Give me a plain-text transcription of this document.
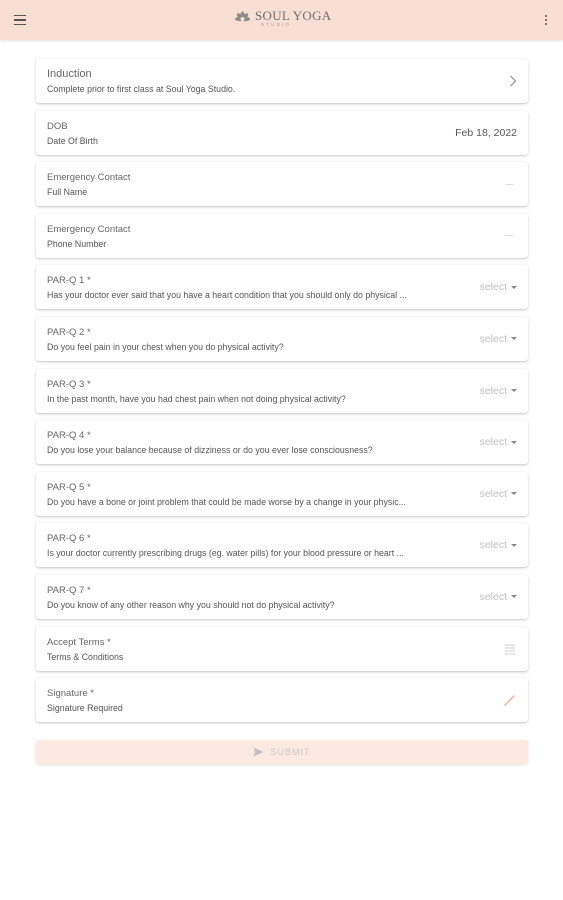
SOUL YOGA
STUDIO
Induction
Complete prior to first class at Soul Yoga Studio.
DOB
Date Of Birth
Feb 18, 2022
Emergency Contact
Full Name
Emergency Contact
Phone Number
PAR-Q 1 *
Has your doctor ever said that you have a heart condition that you should only do physical ...
select
PAR-Q 2 *
Do you feel pain in your chest when you do physical activity?
select
PAR-Q 3 *
In the past month, have you had chest pain when not doing physical activity?
select
PAR-Q 4 *
Do you lose your balance because of dizziness or do you ever lose consciousness?
select
PAR-Q 5 *
Do you have a bone or joint problem that could be made worse by a change in your physic...
select
PAR-Q 6 *
Is your doctor currently prescribing drugs (eg. water pills) for your blood pressure or heart ...
select
PAR-Q 7 *
Do you know of any other reason why you should not do physical activity?
select
Accept Terms *
Terms & Conditions
Signature *
Signature Required
SUBMIT
